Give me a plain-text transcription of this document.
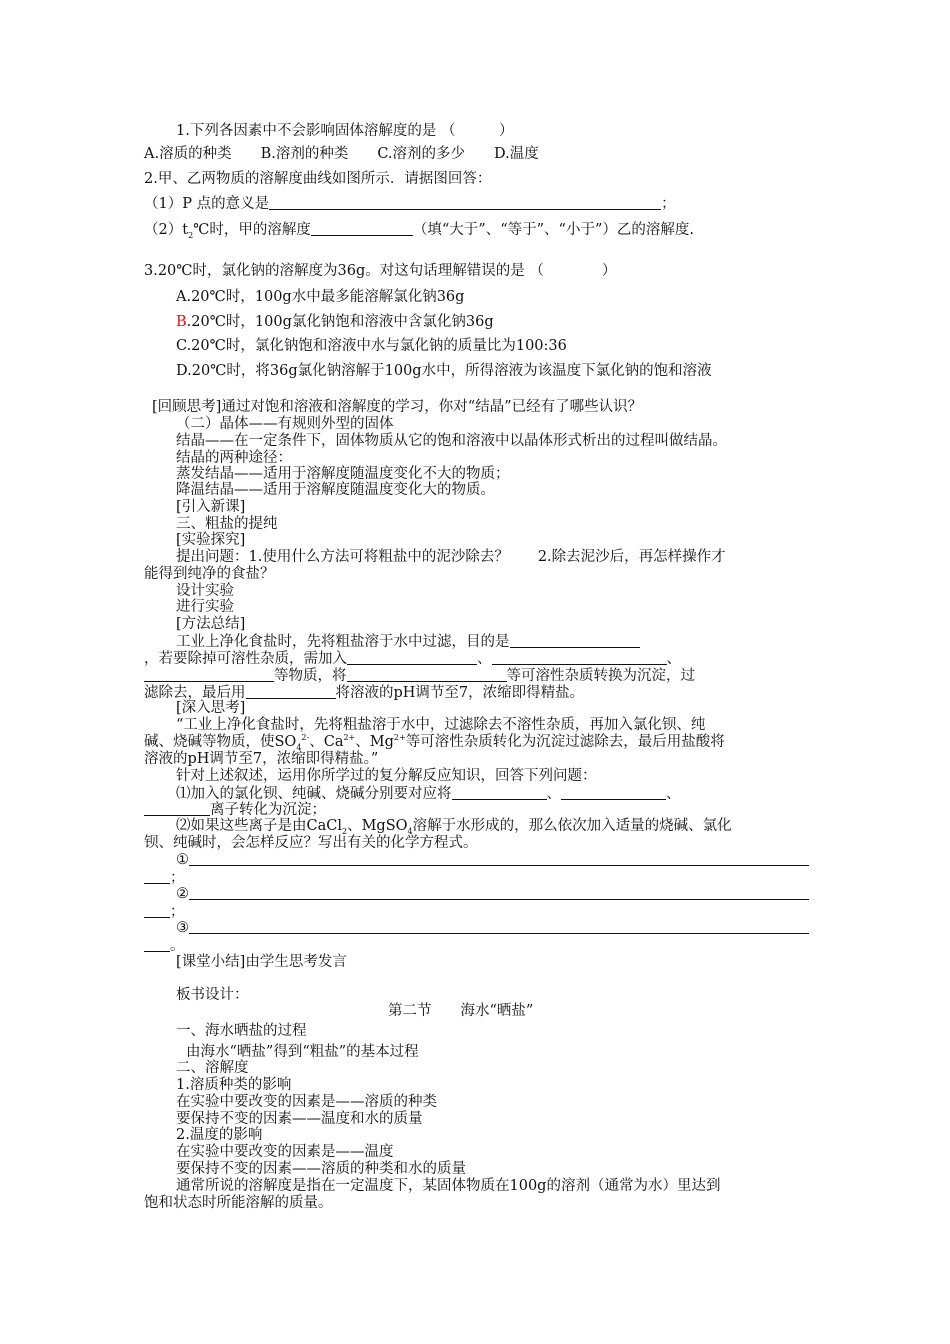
1.下列各因素中不会影响固体溶解度的是 （　　　）
A.溶质的种类　　B.溶剂的种类　　C.溶剂的多少　　D.温度
2.甲、乙两物质的溶解度曲线如图所示．请据图回答：
（1）P 点的意义是	；
$(2)t_2℃$时，甲的溶解度	（填“大于”、“等于”、“小于”）乙的溶解度.
3.20℃时，氯化钠的溶解度为36g。对这句话理解错误的是 （　　　　）
A.20℃时，100g水中最多能溶解氯化钠36g
B.20℃时，100g氯化钠饱和溶液中含氯化钠36g
C.20℃时，氯化钠饱和溶液中水与氯化钠的质量比为100:36
D.20℃时，将36g氯化钠溶解于100g水中，所得溶液为该温度下氯化钠的饱和溶液
[回顾思考]通过对饱和溶液和溶解度的学习，你对“结晶”已经有了哪些认识？
（二）晶体——有规则外型的固体
结晶——在一定条件下，固体物质从它的饱和溶液中以晶体形式析出的过程叫做结晶。
结晶的两种途径：
蒸发结晶——适用于溶解度随温度变化不大的物质；
降温结晶——适用于溶解度随温度变化大的物质。
[引入新课]
三、粗盐的提纯
[实验探究]
提出问题：1.使用什么方法可将粗盐中的泥沙除去？　　2.除去泥沙后，再怎样操作才
能得到纯净的食盐？
设计实验
进行实验
[方法总结]
工业上净化食盐时，先将粗盐溶于水中过滤，目的是
，若要除掉可溶性杂质，需加入	、	、
等物质，将	等可溶性杂质转换为沉淀，过
滤除去，最后用	将溶液的pH调节至7，浓缩即得精盐。
[深入思考]
“工业上净化食盐时，先将粗盐溶于水中，过滤除去不溶性杂质，再加入氯化钡、纯
碱、烧碱等物质，使$SO_4^{2-}$、$Ca^{2+}$、$Mg^{2+}$等可溶性杂质转化为沉淀过滤除去，最后用盐酸将
溶液的pH调节至7，浓缩即得精盐。”
针对上述叙述，运用你所学过的复分解反应知识，回答下列问题：
⑴加入的氯化钡、纯碱、烧碱分别要对应将	、	、
离子转化为沉淀；
⑵如果这些离子是由CaCl$_2$、MgSO$_4$溶解于水形成的，那么依次加入适量的烧碱、氯化
钡、纯碱时，会怎样反应？写出有关的化学方程式。
①
；
②
；
③
。
[课堂小结]由学生思考发言
板书设计：
第二节　　海水“晒盐”
一、海水晒盐的过程
由海水“晒盐”得到“粗盐”的基本过程
二、溶解度
1.溶质种类的影响
在实验中要改变的因素是——溶质的种类
要保持不变的因素——温度和水的质量
2.温度的影响
在实验中要改变的因素是——温度
要保持不变的因素——溶质的种类和水的质量
通常所说的溶解度是指在一定温度下，某固体物质在100g的溶剂（通常为水）里达到
饱和状态时所能溶解的质量。
